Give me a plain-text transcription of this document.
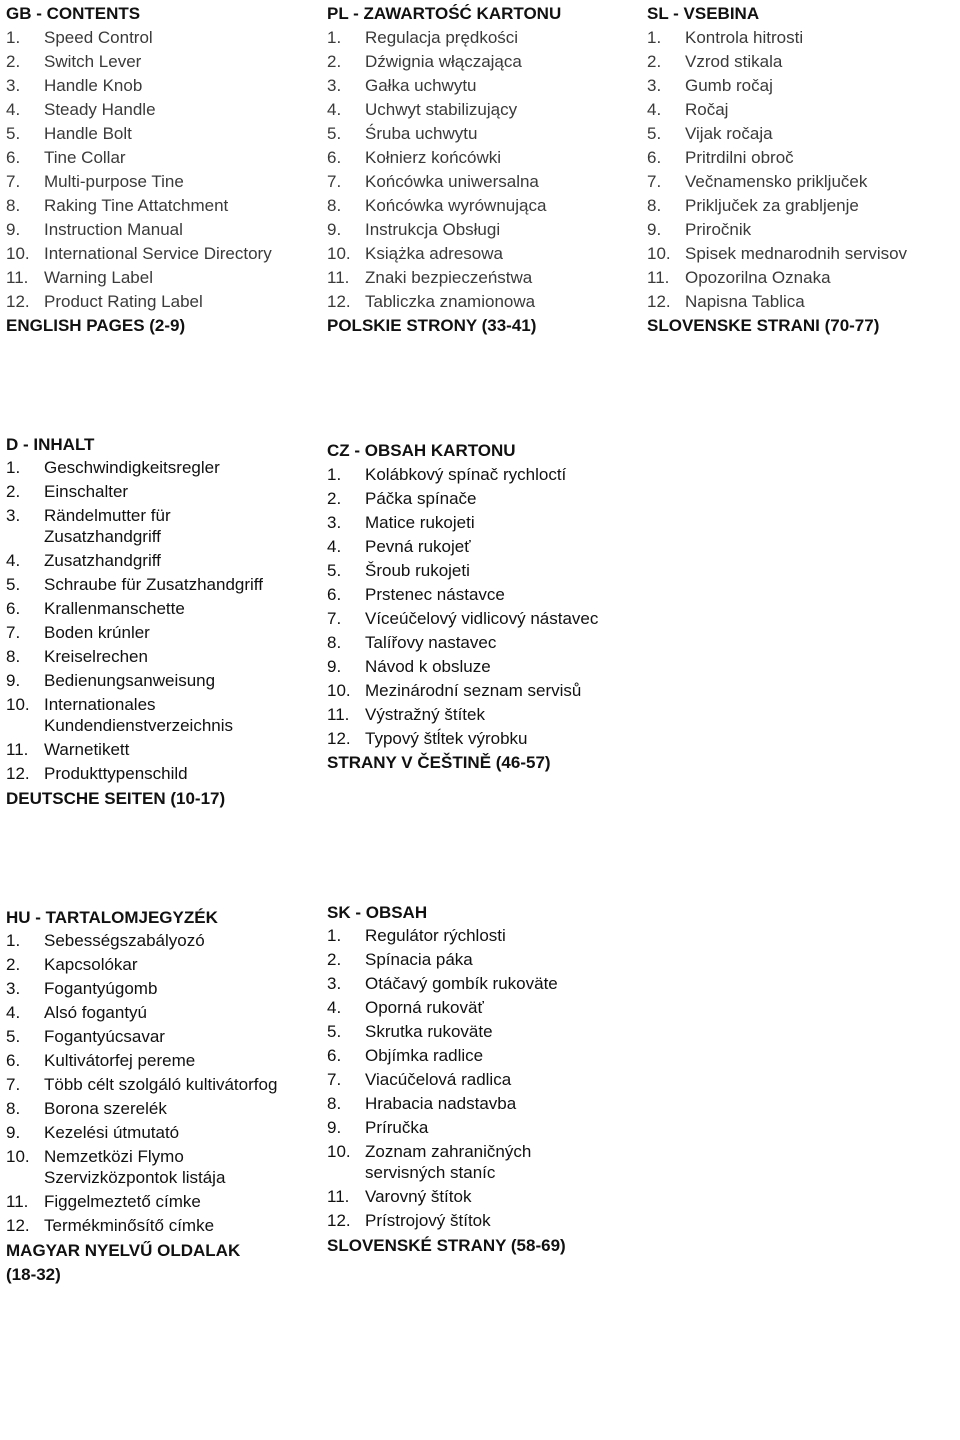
GB - CONTENTS
1.	Speed Control
2.	Switch Lever
3.	Handle Knob
4.	Steady Handle
5.	Handle Bolt
6.	Tine Collar
7.	Multi-purpose Tine
8.	Raking Tine Attatchment
9.	Instruction Manual
10. International Service Directory
11. Warning Label
12. Product Rating Label
ENGLISH PAGES (2-9)
PL - ZAWARTOŚĆ KARTONU
1.	Regulacja prędkości
2.	Dźwignia włączająca
3.	Gałka uchwytu
4.	Uchwyt stabilizujący
5.	Śruba uchwytu
6.	Kołnierz końcówki
7.	Końcówka uniwersalna
8.	Końcówka wyrównująca
9.	Instrukcja Obsługi
10. Książka adresowa
11. Znaki bezpieczeństwa
12. Tabliczka znamionowa
POLSKIE STRONY (33-41)
SL - VSEBINA
1.	Kontrola hitrosti
2.	Vzrod stikala
3.	Gumb ročaj
4.	Ročaj
5.	Vijak ročaja
6.	Pritrdilni obroč
7.	Večnamensko priključek
8.	Priključek za grabljenje
9.	Priročnik
10. Spisek mednarodnih servisov
11. Opozorilna Oznaka
12. Napisna Tablica
SLOVENSKE STRANI (70-77)
D - INHALT
1.	Geschwindigkeitsregler
2.	Einschalter
3.	Rändelmutter für
Zusatzhandgriff
4.	Zusatzhandgriff
5.	Schraube für Zusatzhandgriff
6.	Krallenmanschette
7.	Boden krúnler
8.	Kreiselrechen
9.	Bedienungsanweisung
10. Internationales
Kundendienstverzeichnis
11. Warnetikett
12. Produkttypenschild
DEUTSCHE SEITEN (10-17)
CZ - OBSAH KARTONU
1.	Kolábkový spínač rychloctí
2.	Páčka spínače
3.	Matice rukojeti
4.	Pevná rukojeť
5.	Šroub rukojeti
6.	Prstenec nástavce
7.	Víceúčelový vidlicový nástavec
8.	Talířovy nastavec
9.	Návod k obsluze
10. Mezinárodní seznam servisů
11. Výstražný štítek
12. Typový štĺtek výrobku
STRANY V ČEŠTINĚ (46-57)
HU - TARTALOMJEGYZÉK
1.	Sebességszabályozó
2.	Kapcsolókar
3.	Fogantyúgomb
4.	Alsó fogantyú
5.	Fogantyúcsavar
6.	Kultivátorfej pereme
7.	Több célt szolgáló kultivátorfog
8.	Borona szerelék
9.	Kezelési útmutató
10. Nemzetközi Flymo
Szervizközpontok listája
11. Figgelmeztető címke
12. Termékminősítő címke
MAGYAR NYELVŰ OLDALAK
(18-32)
SK - OBSAH
1.	Regulátor rýchlosti
2.	Spínacia páka
3.	Otáčavý gombík rukoväte
4.	Oporná rukoväť
5.	Skrutka rukoväte
6.	Objímka radlice
7.	Viacúčelová radlica
8.	Hrabacia nadstavba
9.	Príručka
10. Zoznam zahraničných
servisných staníc
11. Varovný štítok
12. Prístrojový štítok
SLOVENSKÉ STRANY (58-69)
